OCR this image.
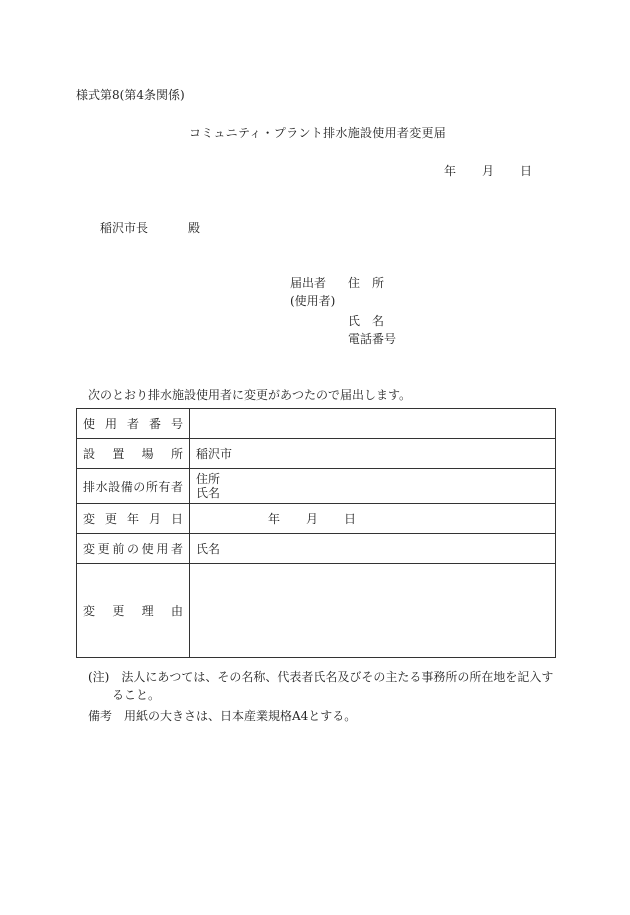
様式第8(第4条関係)
コミュニティ・プラント排水施設使用者変更届
年 月 日
稲沢市長	殿
届出者
(使用者)
住　所
氏　名
電話番号
次のとおり排水施設使用者に変更があつたので届出します。
使用者番号	
設置場所	稲沢市
排水設備の所有者	住所
氏名

変更年月日	年 月 日
変更前の使用者	氏名
変更理由	
(注)　法人にあつては、その名称、代表者氏名及びその主たる事務所の所在地を記入す
ること。
備考　用紙の大きさは、日本産業規格A4とする。
